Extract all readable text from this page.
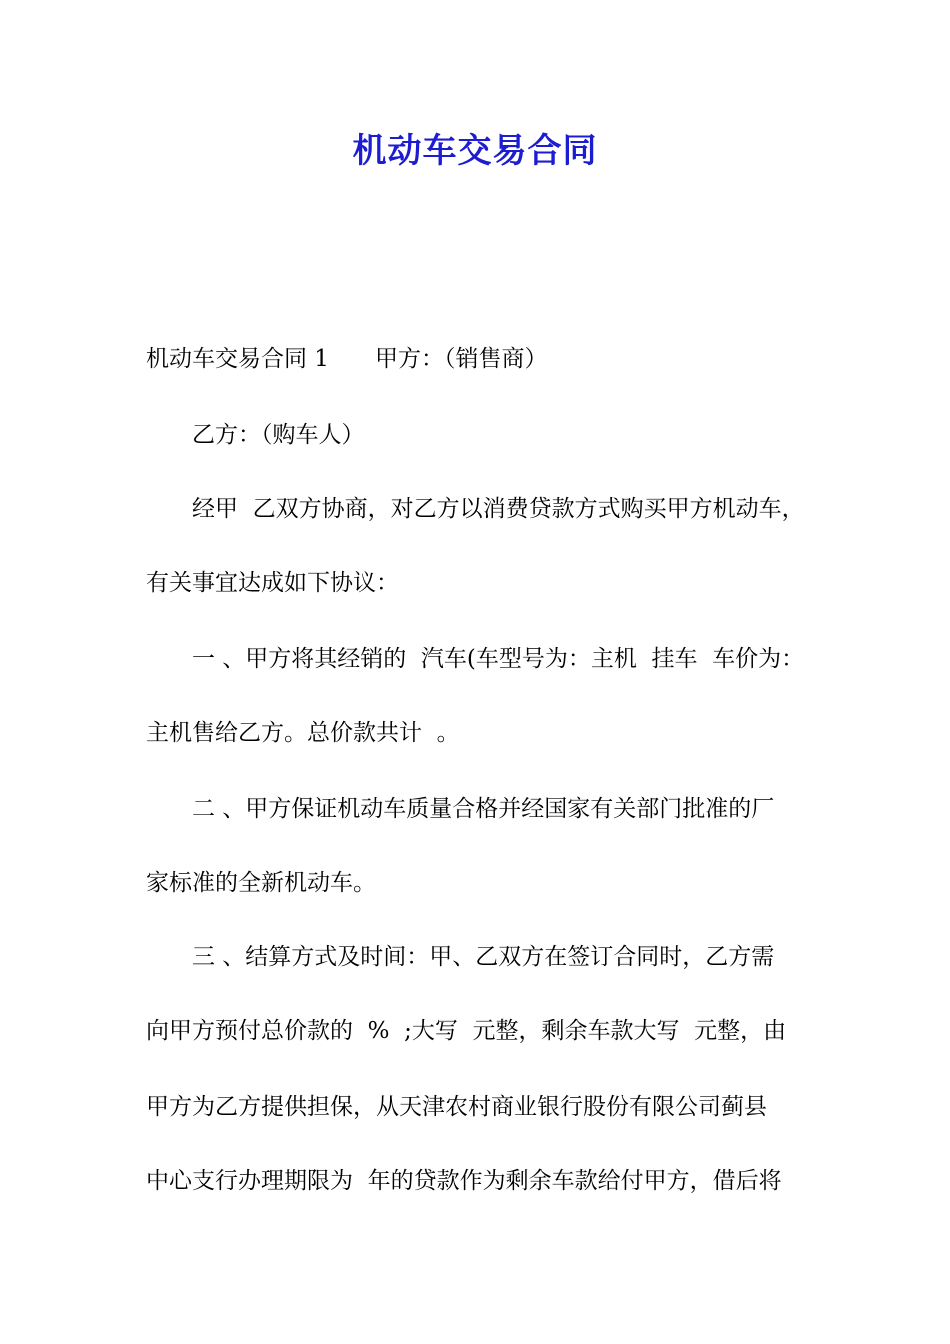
机动车交易合同

机动车交易合同 1　　甲方：（销售商）

乙方：（购车人）

经甲  乙双方协商，对乙方以消费贷款方式购买甲方机动车，

有关事宜达成如下协议：

一 、甲方将其经销的  汽车(车型号为：主机  挂车  车价为：

主机售给乙方。总价款共计  。

二 、甲方保证机动车质量合格并经国家有关部门批准的厂

家标准的全新机动车。

三 、结算方式及时间：甲、乙双方在签订合同时，乙方需

向甲方预付总价款的  %  ;大写  元整，剩余车款大写  元整，由

甲方为乙方提供担保，从天津农村商业银行股份有限公司蓟县

中心支行办理期限为  年的贷款作为剩余车款给付甲方，借后将
